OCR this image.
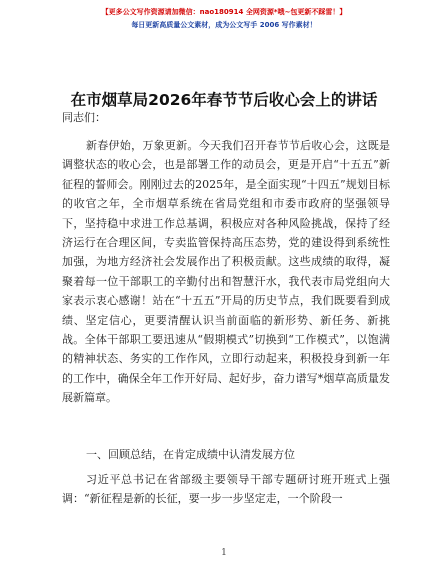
【更多公文写作资源请加微信：nao180914 全网资源*哦~包更新不踩雷！】
每日更新高质量公文素材，成为公文写手 2006 写作素材！
在市烟草局2026年春节节后收心会上的讲话
同志们：
新春伊始，万象更新。今天我们召开春节节后收心会，这既是调整状态的收心会，也是部署工作的动员会，更是开启“十五五”新征程的誓师会。刚刚过去的2025年，是全面实现“十四五”规划目标的收官之年，全市烟草系统在省局党组和市委市政府的坚强领导下，坚持稳中求进工作总基调，积极应对各种风险挑战，保持了经济运行在合理区间，专卖监管保持高压态势，党的建设得到系统性加强，为地方经济社会发展作出了积极贡献。这些成绩的取得，凝聚着每一位干部职工的辛勤付出和智慧汗水，我代表市局党组向大家表示衷心感谢！站在“十五五”开局的历史节点，我们既要看到成绩、坚定信心，更要清醒认识当前面临的新形势、新任务、新挑战。全体干部职工要迅速从“假期模式”切换到“工作模式”，以饱满的精神状态、务实的工作作风，立即行动起来，积极投身到新一年的工作中，确保全年工作开好局、起好步，奋力谱写*烟草高质量发展新篇章。
一、回顾总结，在肯定成绩中认清发展方位
习近平总书记在省部级主要领导干部专题研讨班开班式上强调：“新征程是新的长征，要一步一步坚定走，一个阶段一
1
